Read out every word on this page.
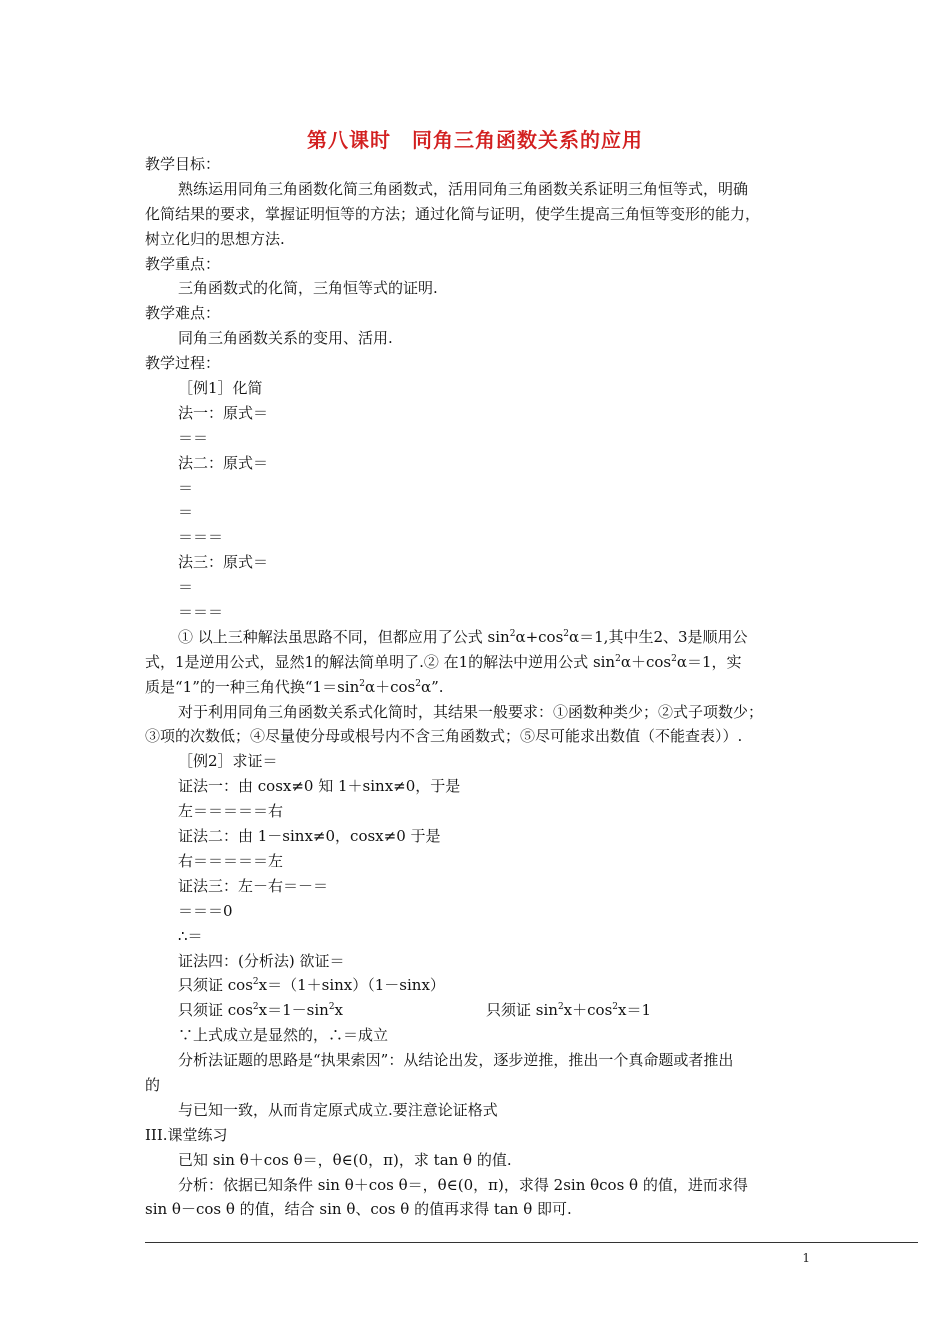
第八课时　同角三角函数关系的应用
教学目标：
熟练运用同角三角函数化简三角函数式，活用同角三角函数关系证明三角恒等式，明确
化简结果的要求，掌握证明恒等的方法；通过化简与证明，使学生提高三角恒等变形的能力，
树立化归的思想方法.
教学重点：
三角函数式的化简，三角恒等式的证明.
教学难点：
同角三角函数关系的变用、活用.
教学过程：
［例1］化简
法一：原式＝
＝＝
法二：原式＝
＝
＝
＝＝＝
法三：原式＝
＝
＝＝＝
① 以上三种解法虽思路不同，但都应用了公式 $\sin^2\alpha+\cos^2\alpha=1$,其中生2、3是顺用公
式，1是逆用公式，显然1的解法简单明了.② 在1的解法中逆用公式 $\sin^2\alpha+\cos^2\alpha=1$，实
质是“1”的一种三角代换“$1=\sin^2\alpha+\cos^2\alpha$”.
对于利用同角三角函数关系式化简时，其结果一般要求：①函数种类少；②式子项数少；
③项的次数低；④尽量使分母或根号内不含三角函数式；⑤尽可能求出数值（不能查表））.
［例2］求证＝
证法一：由 cosx≠0 知 1＋sinx≠0，于是
左＝＝＝＝＝右
证法二：由 1－sinx≠0，cosx≠0 于是
右＝＝＝＝＝左
证法三：左－右＝－＝
＝＝＝0
∴＝
证法四：(分析法) 欲证＝
只须证 $\cos^2x=(1+\sin x)(1-\sin x)$
只须证 $\cos^2x=1-\sin^2x$	只须证 $\sin^2x+\cos^2x=1$
∵上式成立是显然的，∴＝成立
分析法证题的思路是“执果索因”：从结论出发，逐步逆推，推出一个真命题或者推出
的
与已知一致，从而肯定原式成立.要注意论证格式
III.课堂练习
已知 sin θ＋cos θ＝，θ∈(0，π)，求 tan θ 的值.
分析：依据已知条件 sin θ＋cos θ＝，θ∈(0，π)，求得 2sin θcos θ 的值，进而求得
sin θ－cos θ 的值，结合 sin θ、cos θ 的值再求得 tan θ 即可.
1
